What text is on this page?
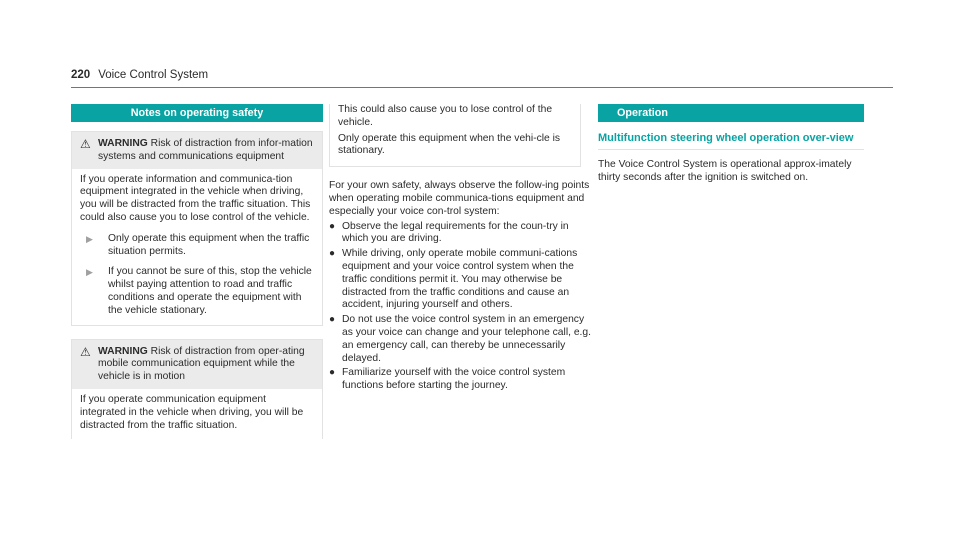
220 Voice Control System
Notes on operating safety
⚠ WARNING Risk of distraction from infor-mation systems and communications equipment

If you operate information and communica-tion equipment integrated in the vehicle when driving, you will be distracted from the traffic situation. This could also cause you to lose control of the vehicle.

▶	Only operate this equipment when the traffic situation permits.
▶	If you cannot be sure of this, stop the vehicle whilst paying attention to road and traffic conditions and operate the equipment with the vehicle stationary.
⚠ WARNING Risk of distraction from oper-ating mobile communication equipment while the vehicle is in motion

If you operate communication equipment integrated in the vehicle when driving, you will be distracted from the traffic situation.

This could also cause you to lose control of the vehicle.

Only operate this equipment when the vehi-cle is stationary.

For your own safety, always observe the follow-ing points when operating mobile communica-tions equipment and especially your voice con-trol system:

● Observe the legal requirements for the coun-try in which you are driving.
● While driving, only operate mobile communi-cations equipment and your voice control system when the traffic conditions permit it. You may otherwise be distracted from the traffic conditions and cause an accident, injuring yourself and others.
● Do not use the voice control system in an emergency as your voice can change and your telephone call, e.g. an emergency call, can thereby be unnecessarily delayed.
● Familiarize yourself with the voice control system functions before starting the journey.
Operation
Multifunction steering wheel operation over-view

The Voice Control System is operational approx-imately thirty seconds after the ignition is switched on.
